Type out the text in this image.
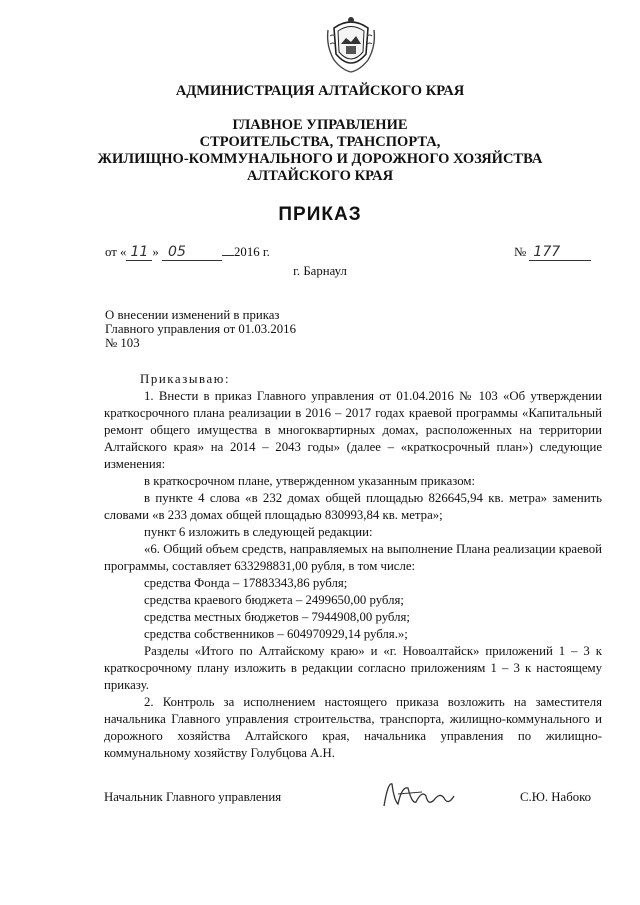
АДМИНИСТРАЦИЯ АЛТАЙСКОГО КРАЯ
ГЛАВНОЕ УПРАВЛЕНИЕ
СТРОИТЕЛЬСТВА, ТРАНСПОРТА,
ЖИЛИЩНО-КОММУНАЛЬНОГО И ДОРОЖНОГО ХОЗЯЙСТВА
АЛТАЙСКОГО КРАЯ
ПРИКАЗ
от « 11 » 05	2016 г.	№ 177
г. Барнаул
О внесении изменений в приказ
Главного управления от 01.03.2016
№ 103

Приказываю:

1. Внести в приказ Главного управления от 01.04.2016 № 103 «Об утверждении краткосрочного плана реализации в 2016 – 2017 годах краевой программы «Капитальный ремонт общего имущества в многоквартирных домах, расположенных на территории Алтайского края» на 2014 – 2043 годы» (далее – «краткосрочный план») следующие изменения:

в краткосрочном плане, утвержденном указанным приказом:

в пункте 4 слова «в 232 домах общей площадью 826645,94 кв. метра» заменить словами «в 233 домах общей площадью 830993,84 кв. метра»;

пункт 6 изложить в следующей редакции:

«6. Общий объем средств, направляемых на выполнение Плана реализации краевой программы, составляет 633298831,00 рубля, в том числе:

средства Фонда – 17883343,86 рубля;

средства краевого бюджета – 2499650,00 рубля;

средства местных бюджетов – 7944908,00 рубля;

средства собственников – 604970929,14 рубля.»;

Разделы «Итого по Алтайскому краю» и «г. Новоалтайск» приложений 1 – 3 к краткосрочному плану изложить в редакции согласно приложениям 1 – 3 к настоящему приказу.

2. Контроль за исполнением настоящего приказа возложить на заместителя начальника Главного управления строительства, транспорта, жилищно-коммунального и дорожного хозяйства Алтайского края, начальника управления по жилищно-коммунальному хозяйству Голубцова А.Н.

Начальник Главного управления	С.Ю. Набоко
